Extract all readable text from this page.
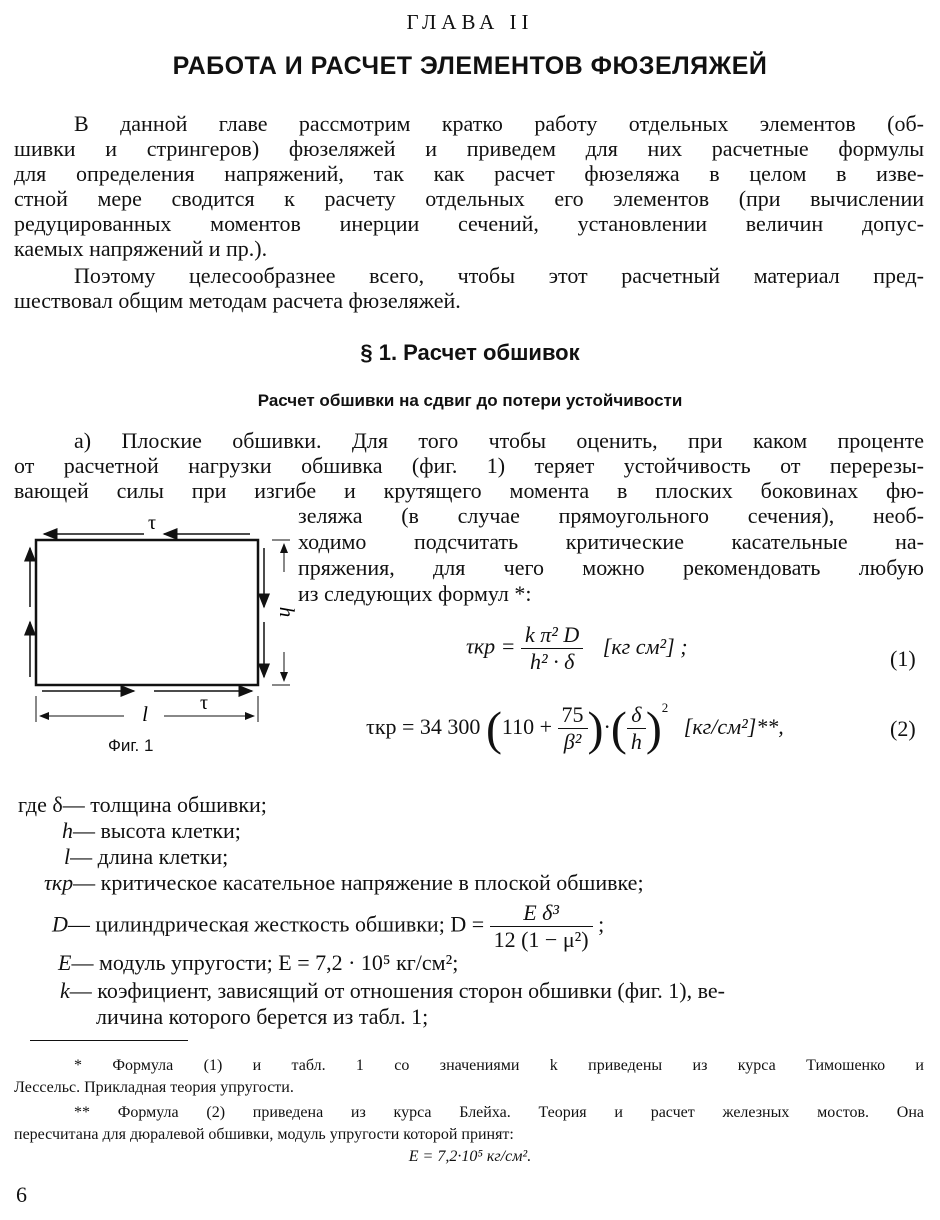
ГЛАВА II
РАБОТА И РАСЧЕТ ЭЛЕМЕНТОВ ФЮЗЕЛЯЖЕЙ
В данной главе рассмотрим кратко работу отдельных элементов (об-
шивки и стрингеров) фюзеляжей и приведем для них расчетные формулы
для определения напряжений, так как расчет фюзеляжа в целом в изве-
стной мере сводится к расчету отдельных его элементов (при вычислении
редуцированных моментов инерции сечений, установлении величин допус-
каемых напряжений и пр.).
Поэтому целесообразнее всего, чтобы этот расчетный материал пред-
шествовал общим методам расчета фюзеляжей.
§ 1. Расчет обшивок
Расчет обшивки на сдвиг до потери устойчивости
а) Плоские обшивки. Для того чтобы оценить, при каком проценте
от расчетной нагрузки обшивка (фиг. 1) теряет устойчивость от перерезы-
вающей силы при изгибе и крутящего момента в плоских боковинах фю-
зеляжа (в случае прямоугольного сечения), необ-
ходимо подсчитать критические касательные на-
пряжения, для чего можно рекомендовать любую
из следующих формул *:
τ
τ
h
l
Фиг. 1
$\tau кр = \frac{\text{k π² D}}{\text{h² · δ}} [кг$ см²] ;	(1)
τкр = 34 300 ($110 + \frac{75}{\text{β²}}$ )·( $\frac{\delta}{h} )^2$ [кг/см²]**,	(2)
где δ— толщина обшивки;
h— высота клетки;
l— длина клетки;
τкр— критическое касательное напряжение в плоской обшивке;
D— цилиндрическая жесткость обшивки; $D = \frac{\text{E δ³}}{\text{12 (1 − μ²)}}$ ;
E— модуль упругости; E = 7,2 · 10⁵ кг/см²;
k— коэфициент, зависящий от отношения сторон обшивки (фиг. 1), ве-
личина которого берется из табл. 1;
* Формула (1) и табл. 1 со значениями k приведены из курса Тимошенко и
Лессельс. Прикладная теория упругости.
** Формула (2) приведена из курса Блейха. Теория и расчет железных мостов. Она
пересчитана для дюралевой обшивки, модуль упругости которой принят:
E = 7,2·10⁵ кг/см².
6
